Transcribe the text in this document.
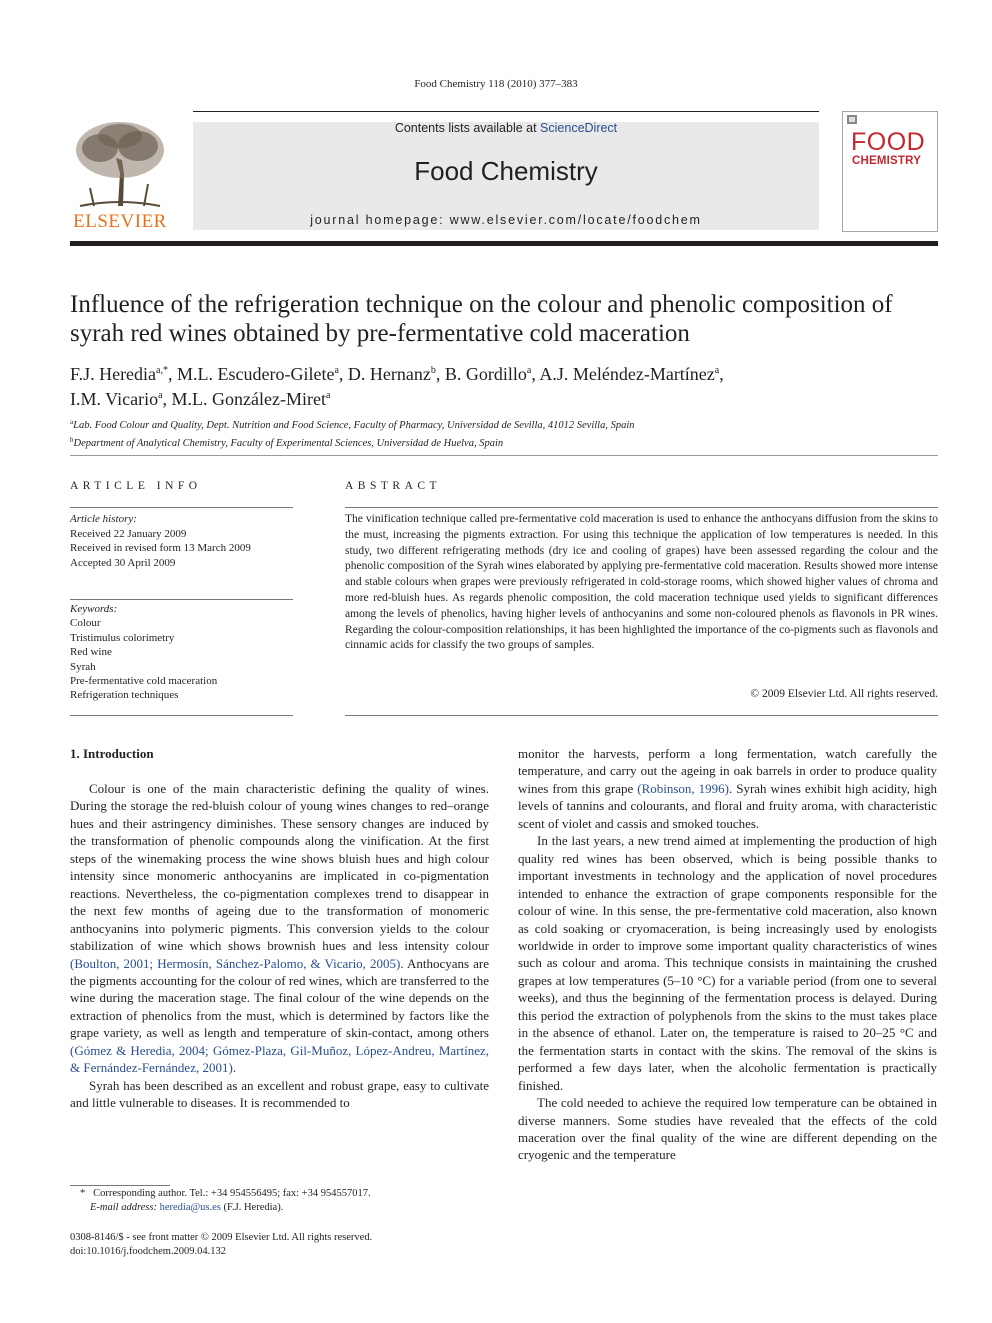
Food Chemistry 118 (2010) 377–383
ELSEVIER
Contents lists available at ScienceDirect
Food Chemistry
journal homepage: www.elsevier.com/locate/foodchem
FOOD
CHEMISTRY
Influence of the refrigeration technique on the colour and phenolic composition of syrah red wines obtained by pre-fermentative cold maceration
F.J. Heredia$^{a,*}$, M.L. Escudero-Gilete$^a$, D. Hernanz$^b$, B. Gordillo$^a$, A.J. Meléndez-Martínez$^a$,
I.M. Vicario$^a$, M.L. González-Miret$^a$
$^a$Lab. Food Colour and Quality, Dept. Nutrition and Food Science, Faculty of Pharmacy, Universidad de Sevilla, 41012 Sevilla, Spain
$^b$Department of Analytical Chemistry, Faculty of Experimental Sciences, Universidad de Huelva, Spain
ARTICLE INFO
Article history:
Received 22 January 2009
Received in revised form 13 March 2009
Accepted 30 April 2009
Keywords:
Colour
Tristimulus colorimetry
Red wine
Syrah
Pre-fermentative cold maceration
Refrigeration techniques
ABSTRACT
The vinification technique called pre-fermentative cold maceration is used to enhance the anthocyans diffusion from the skins to the must, increasing the pigments extraction. For using this technique the application of low temperatures is needed. In this study, two different refrigerating methods (dry ice and cooling of grapes) have been assessed regarding the colour and the phenolic composition of the Syrah wines elaborated by applying pre-fermentative cold maceration. Results showed more intense and stable colours when grapes were previously refrigerated in cold-storage rooms, which showed higher values of chroma and more red-bluish hues. As regards phenolic composition, the cold maceration technique used yields to significant differences among the levels of phenolics, having higher levels of anthocyanins and some non-coloured phenols as flavonols in PR wines. Regarding the colour-composition relationships, it has been highlighted the importance of the co-pigments such as flavonols and cinnamic acids for classify the two groups of samples.
© 2009 Elsevier Ltd. All rights reserved.
1. Introduction

Colour is one of the main characteristic defining the quality of wines. During the storage the red-bluish colour of young wines changes to red–orange hues and their astringency diminishes. These sensory changes are induced by the transformation of phenolic compounds along the vinification. At the first steps of the winemaking process the wine shows bluish hues and high colour intensity since monomeric anthocyanins are implicated in co-pigmentation reactions. Nevertheless, the co-pigmentation complexes trend to disappear in the next few months of ageing due to the transformation of monomeric anthocyanins into polymeric pigments. This conversion yields to the colour stabilization of wine which shows brownish hues and less intensity colour (Boulton, 2001; Hermosín, Sánchez-Palomo, & Vicario, 2005). Anthocyans are the pigments accounting for the colour of red wines, which are transferred to the wine during the maceration stage. The final colour of the wine depends on the extraction of phenolics from the must, which is determined by factors like the grape variety, as well as length and temperature of skin-contact, among others (Gómez & Heredia, 2004; Gómez-Plaza, Gil-Muñoz, López-Andreu, Martínez, & Fernández-Fernández, 2001).

Syrah has been described as an excellent and robust grape, easy to cultivate and little vulnerable to diseases. It is recommended to

monitor the harvests, perform a long fermentation, watch carefully the temperature, and carry out the ageing in oak barrels in order to produce quality wines from this grape (Robinson, 1996). Syrah wines exhibit high acidity, high levels of tannins and colourants, and floral and fruity aroma, with characteristic scent of violet and cassis and smoked touches.

In the last years, a new trend aimed at implementing the production of high quality red wines has been observed, which is being possible thanks to important investments in technology and the application of novel procedures intended to enhance the extraction of grape components responsible for the colour of wine. In this sense, the pre-fermentative cold maceration, also known as cold soaking or cryomaceration, is being increasingly used by enologists worldwide in order to improve some important quality characteristics of wines such as colour and aroma. This technique consists in maintaining the crushed grapes at low temperatures (5–10 °C) for a variable period (from one to several weeks), and thus the beginning of the fermentation process is delayed. During this period the extraction of polyphenols from the skins to the must takes place in the absence of ethanol. Later on, the temperature is raised to 20–25 °C and the fermentation starts in contact with the skins. The removal of the skins is performed a few days later, when the alcoholic fermentation is practically finished.

The cold needed to achieve the required low temperature can be obtained in diverse manners. Some studies have revealed that the effects of the cold maceration over the final quality of the wine are different depending on the cryogenic and the temperature

* Corresponding author. Tel.: +34 954556495; fax: +34 954557017.
E-mail address: heredia@us.es (F.J. Heredia).
0308-8146/$ - see front matter © 2009 Elsevier Ltd. All rights reserved.
doi:10.1016/j.foodchem.2009.04.132
